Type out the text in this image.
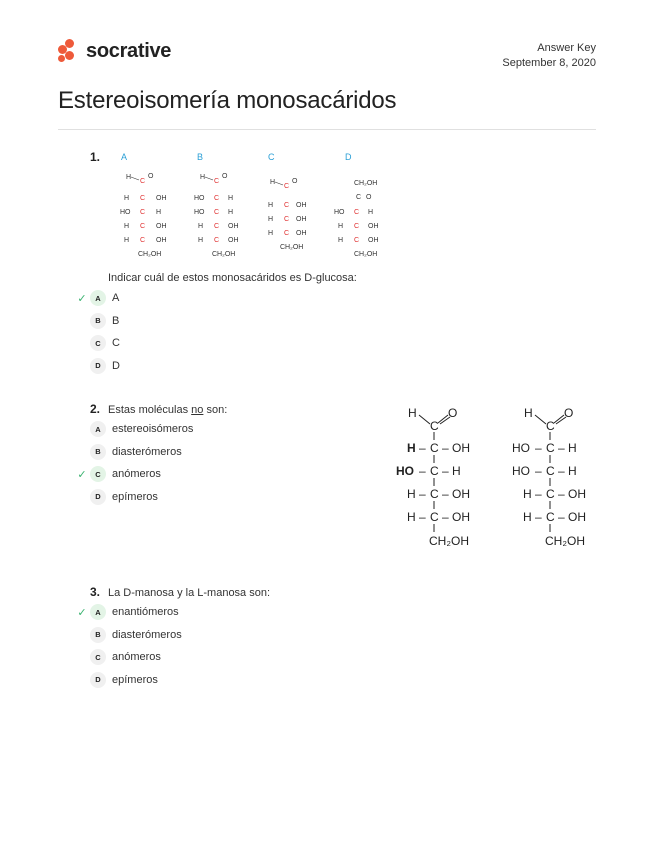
socrative	Answer Key
September 8, 2020
Estereoisomería monosacáridos
1. A
H
C
O
H C OH
HO C H
H C OH
H C OH
CH₂OH
B
H
C
O
HO C H
HO C H
H C OH
H C OH
CH₂OH
C
H
C
O
H C OH
H C OH
H C OH
CH₂OH
D
CH₂OH
C O
HO C H
H C OH
H C OH
CH₂OH
Indicar cuál de estos monosacáridos es D-glucosa:
✓	A	A
B	B
C	C
D	D
2. Estas moléculas no son:
A	estereoisómeros
B	diasterómeros
✓	C	anómeros
D	epímeros
H	O
C
H – C – OH
HO – C – H
H – C – OH
H – C – OH
CH₂OH
H	O
C
HO – C – H
HO – C – H
H – C – OH
H – C – OH
CH₂OH
3. La D-manosa y la L-manosa son:
✓	A	enantiómeros
B	diasterómeros
C	anómeros
D	epímeros
